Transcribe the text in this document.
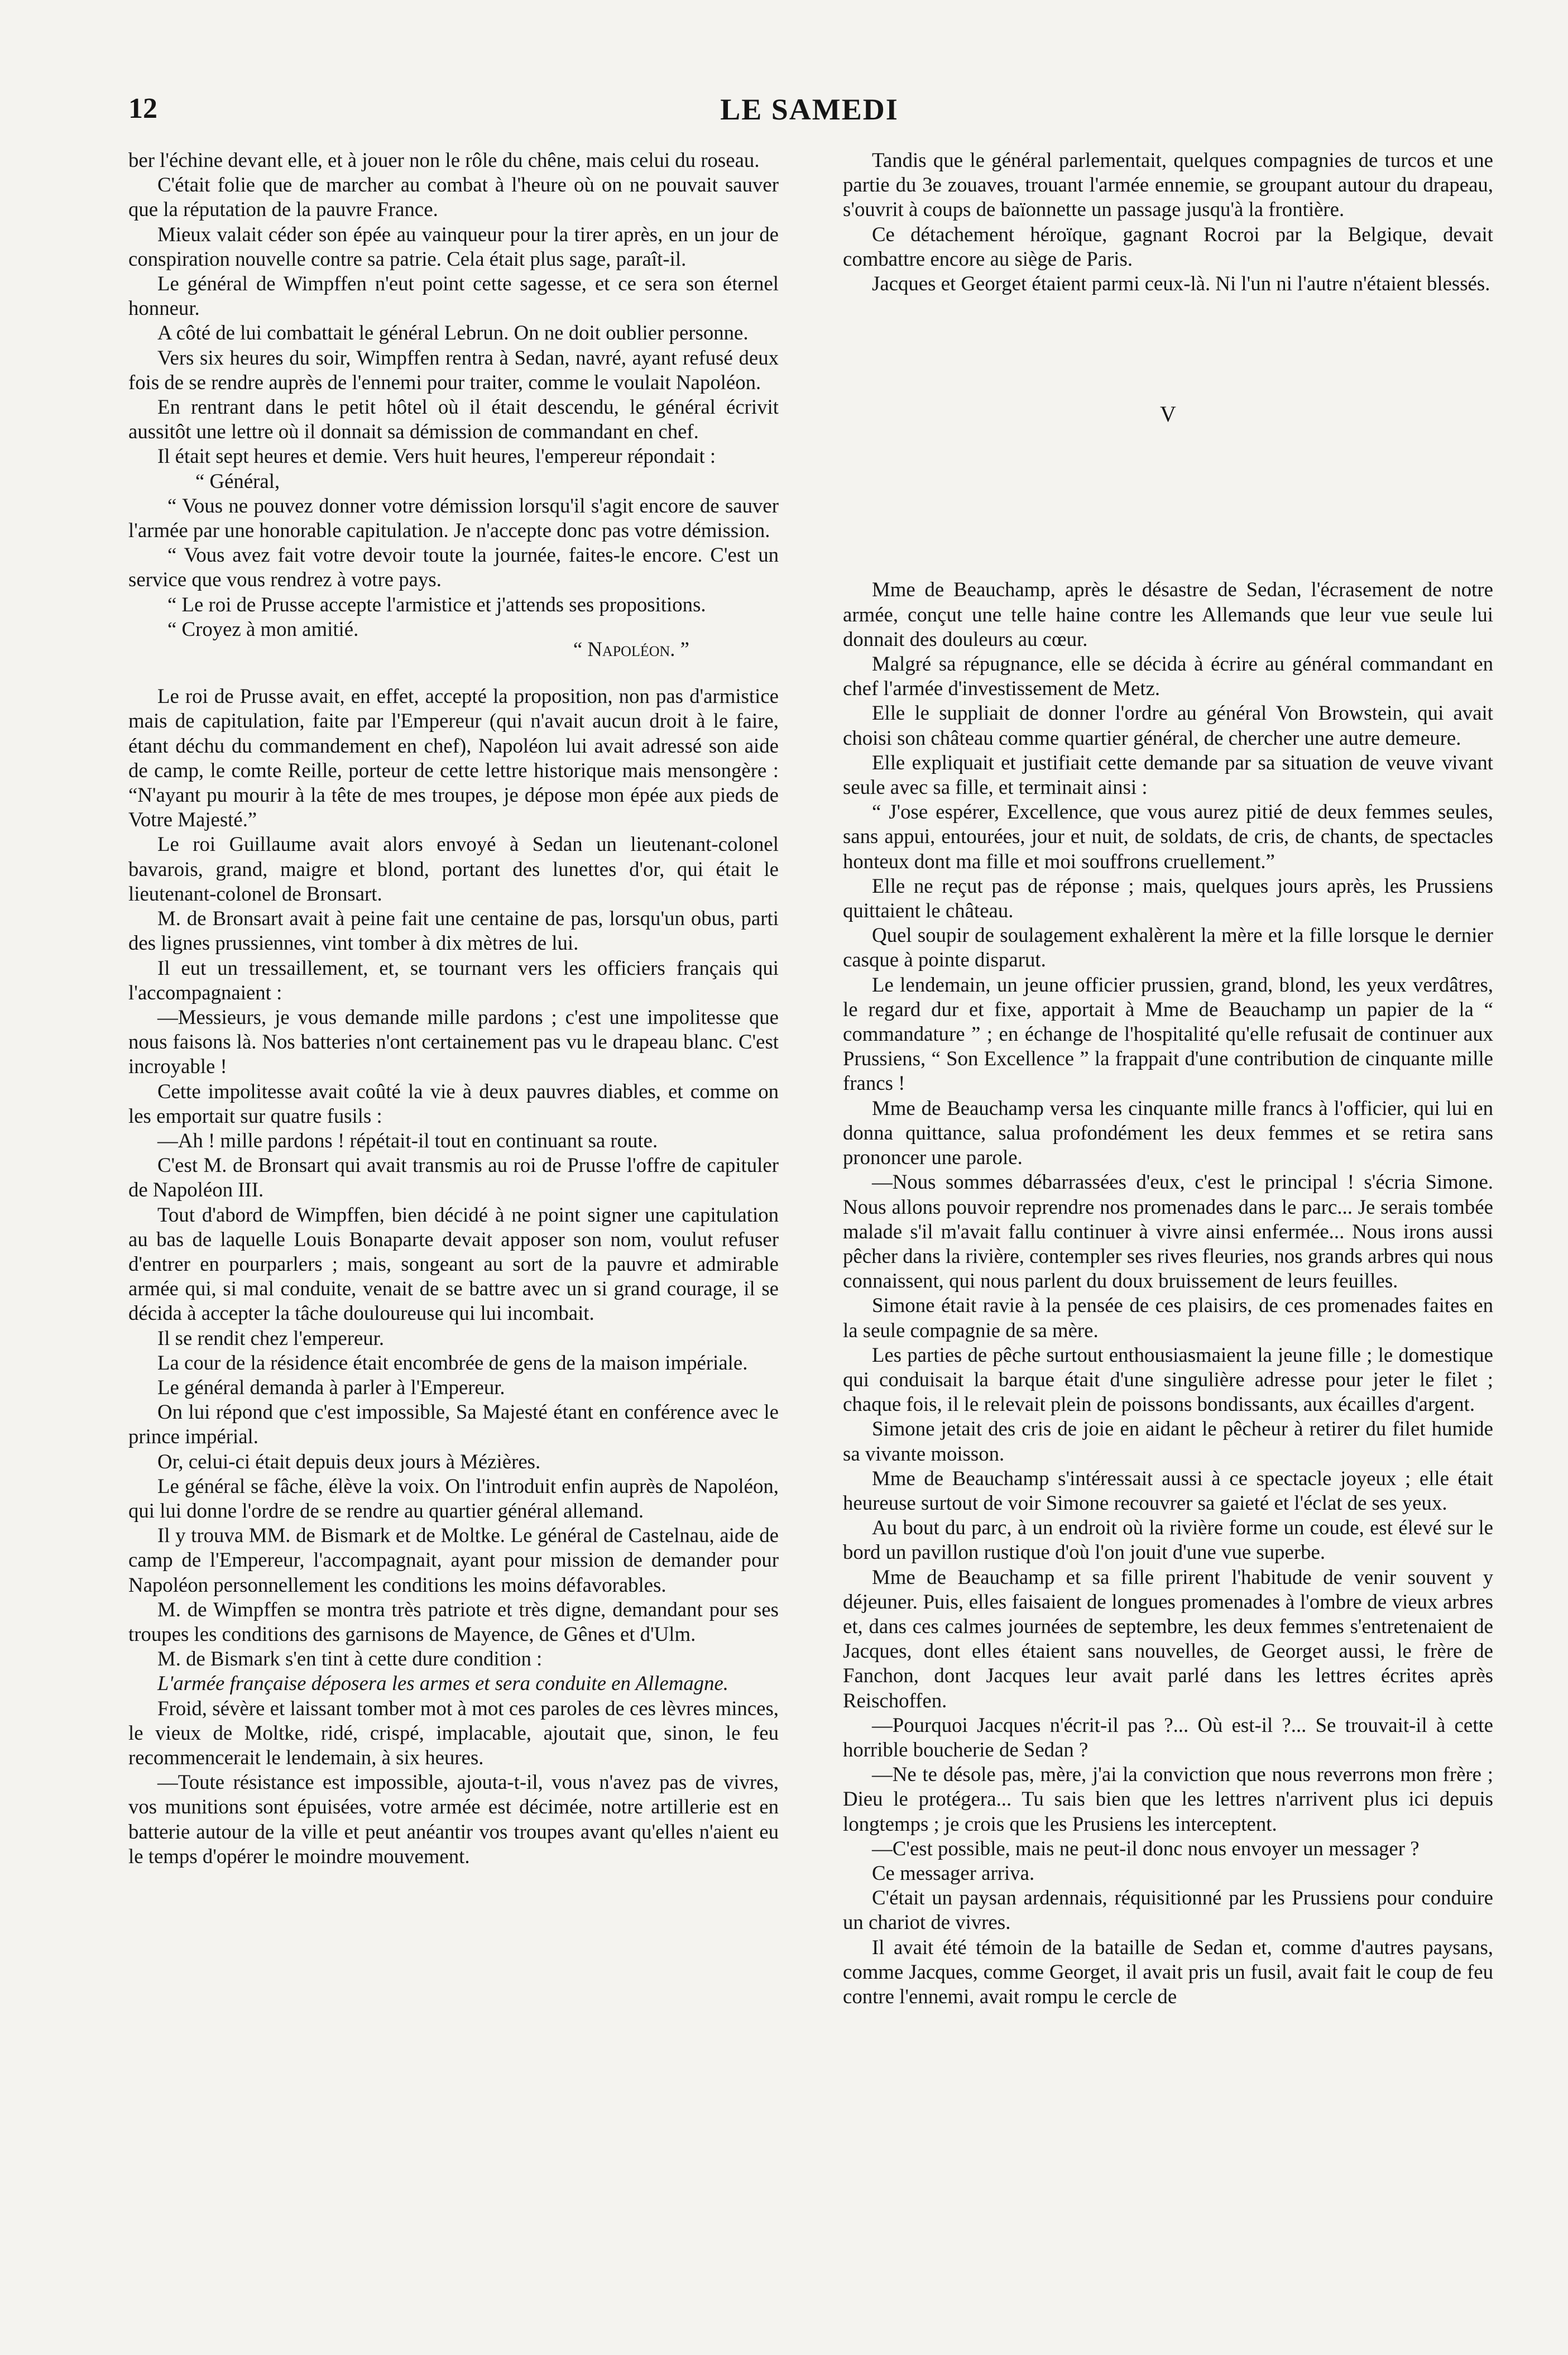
12	LE SAMEDI

ber l'échine devant elle, et à jouer non le rôle du chêne, mais celui du roseau.

C'était folie que de marcher au combat à l'heure où on ne pouvait sauver que la réputation de la pauvre France.

Mieux valait céder son épée au vainqueur pour la tirer après, en un jour de conspiration nouvelle contre sa patrie. Cela était plus sage, paraît-il.

Le général de Wimpffen n'eut point cette sagesse, et ce sera son éternel honneur.

A côté de lui combattait le général Lebrun. On ne doit oublier personne.

Vers six heures du soir, Wimpffen rentra à Sedan, navré, ayant refusé deux fois de se rendre auprès de l'ennemi pour traiter, comme le voulait Napoléon.

En rentrant dans le petit hôtel où il était descendu, le général écrivit aussitôt une lettre où il donnait sa démission de commandant en chef.

Il était sept heures et demie. Vers huit heures, l'empereur répondait :

“ Général,

“ Vous ne pouvez donner votre démission lorsqu'il s'agit encore de sauver l'armée par une honorable capitulation. Je n'accepte donc pas votre démission.

“ Vous avez fait votre devoir toute la journée, faites-le encore. C'est un service que vous rendrez à votre pays.

“ Le roi de Prusse accepte l'armistice et j'attends ses propositions.

“ Croyez à mon amitié.

“ Napoléon. ”

Le roi de Prusse avait, en effet, accepté la proposition, non pas d'armistice mais de capitulation, faite par l'Empereur (qui n'avait aucun droit à le faire, étant déchu du commandement en chef), Napoléon lui avait adressé son aide de camp, le comte Reille, porteur de cette lettre historique mais mensongère : “N'ayant pu mourir à la tête de mes troupes, je dépose mon épée aux pieds de Votre Majesté.”

Le roi Guillaume avait alors envoyé à Sedan un lieutenant-colonel bavarois, grand, maigre et blond, portant des lunettes d'or, qui était le lieutenant-colonel de Bronsart.

M. de Bronsart avait à peine fait une centaine de pas, lorsqu'un obus, parti des lignes prussiennes, vint tomber à dix mètres de lui.

Il eut un tressaillement, et, se tournant vers les officiers français qui l'accompagnaient :

—Messieurs, je vous demande mille pardons ; c'est une impolitesse que nous faisons là. Nos batteries n'ont certainement pas vu le drapeau blanc. C'est incroyable !

Cette impolitesse avait coûté la vie à deux pauvres diables, et comme on les emportait sur quatre fusils :

—Ah ! mille pardons ! répétait-il tout en continuant sa route.

C'est M. de Bronsart qui avait transmis au roi de Prusse l'offre de capituler de Napoléon III.

Tout d'abord de Wimpffen, bien décidé à ne point signer une capitulation au bas de laquelle Louis Bonaparte devait apposer son nom, voulut refuser d'entrer en pourparlers ; mais, songeant au sort de la pauvre et admirable armée qui, si mal conduite, venait de se battre avec un si grand courage, il se décida à accepter la tâche douloureuse qui lui incombait.

Il se rendit chez l'empereur.

La cour de la résidence était encombrée de gens de la maison impériale.

Le général demanda à parler à l'Empereur.

On lui répond que c'est impossible, Sa Majesté étant en conférence avec le prince impérial.

Or, celui-ci était depuis deux jours à Mézières.

Le général se fâche, élève la voix. On l'introduit enfin auprès de Napoléon, qui lui donne l'ordre de se rendre au quartier général allemand.

Il y trouva MM. de Bismark et de Moltke. Le général de Castelnau, aide de camp de l'Empereur, l'accompagnait, ayant pour mission de demander pour Napoléon personnellement les conditions les moins défavorables.

M. de Wimpffen se montra très patriote et très digne, demandant pour ses troupes les conditions des garnisons de Mayence, de Gênes et d'Ulm.

M. de Bismark s'en tint à cette dure condition :

L'armée française déposera les armes et sera conduite en Allemagne.

Froid, sévère et laissant tomber mot à mot ces paroles de ces lèvres minces, le vieux de Moltke, ridé, crispé, implacable, ajoutait que, sinon, le feu recommencerait le lendemain, à six heures.

—Toute résistance est impossible, ajouta-t-il, vous n'avez pas de vivres, vos munitions sont épuisées, votre armée est décimée, notre artillerie est en batterie autour de la ville et peut anéantir vos troupes avant qu'elles n'aient eu le temps d'opérer le moindre mouvement.

Tandis que le général parlementait, quelques compagnies de turcos et une partie du 3e zouaves, trouant l'armée ennemie, se groupant autour du drapeau, s'ouvrit à coups de baïonnette un passage jusqu'à la frontière.

Ce détachement héroïque, gagnant Rocroi par la Belgique, devait combattre encore au siège de Paris.

Jacques et Georget étaient parmi ceux-là. Ni l'un ni l'autre n'étaient blessés.

V

Mme de Beauchamp, après le désastre de Sedan, l'écrasement de notre armée, conçut une telle haine contre les Allemands que leur vue seule lui donnait des douleurs au cœur.

Malgré sa répugnance, elle se décida à écrire au général commandant en chef l'armée d'investissement de Metz.

Elle le suppliait de donner l'ordre au général Von Browstein, qui avait choisi son château comme quartier général, de chercher une autre demeure.

Elle expliquait et justifiait cette demande par sa situation de veuve vivant seule avec sa fille, et terminait ainsi :

“ J'ose espérer, Excellence, que vous aurez pitié de deux femmes seules, sans appui, entourées, jour et nuit, de soldats, de cris, de chants, de spectacles honteux dont ma fille et moi souffrons cruellement.”

Elle ne reçut pas de réponse ; mais, quelques jours après, les Prussiens quittaient le château.

Quel soupir de soulagement exhalèrent la mère et la fille lorsque le dernier casque à pointe disparut.

Le lendemain, un jeune officier prussien, grand, blond, les yeux verdâtres, le regard dur et fixe, apportait à Mme de Beauchamp un papier de la “ commandature ” ; en échange de l'hospitalité qu'elle refusait de continuer aux Prussiens, “ Son Excellence ” la frappait d'une contribution de cinquante mille francs !

Mme de Beauchamp versa les cinquante mille francs à l'officier, qui lui en donna quittance, salua profondément les deux femmes et se retira sans prononcer une parole.

—Nous sommes débarrassées d'eux, c'est le principal ! s'écria Simone. Nous allons pouvoir reprendre nos promenades dans le parc... Je serais tombée malade s'il m'avait fallu continuer à vivre ainsi enfermée... Nous irons aussi pêcher dans la rivière, contempler ses rives fleuries, nos grands arbres qui nous connaissent, qui nous parlent du doux bruissement de leurs feuilles.

Simone était ravie à la pensée de ces plaisirs, de ces promenades faites en la seule compagnie de sa mère.

Les parties de pêche surtout enthousiasmaient la jeune fille ; le domestique qui conduisait la barque était d'une singulière adresse pour jeter le filet ; chaque fois, il le relevait plein de poissons bondissants, aux écailles d'argent.

Simone jetait des cris de joie en aidant le pêcheur à retirer du filet humide sa vivante moisson.

Mme de Beauchamp s'intéressait aussi à ce spectacle joyeux ; elle était heureuse surtout de voir Simone recouvrer sa gaieté et l'éclat de ses yeux.

Au bout du parc, à un endroit où la rivière forme un coude, est élevé sur le bord un pavillon rustique d'où l'on jouit d'une vue superbe.

Mme de Beauchamp et sa fille prirent l'habitude de venir souvent y déjeuner. Puis, elles faisaient de longues promenades à l'ombre de vieux arbres et, dans ces calmes journées de septembre, les deux femmes s'entretenaient de Jacques, dont elles étaient sans nouvelles, de Georget aussi, le frère de Fanchon, dont Jacques leur avait parlé dans les lettres écrites après Reischoffen.

—Pourquoi Jacques n'écrit-il pas ?... Où est-il ?... Se trouvait-il à cette horrible boucherie de Sedan ?

—Ne te désole pas, mère, j'ai la conviction que nous reverrons mon frère ; Dieu le protégera... Tu sais bien que les lettres n'arrivent plus ici depuis longtemps ; je crois que les Prusiens les interceptent.

—C'est possible, mais ne peut-il donc nous envoyer un messager ?

Ce messager arriva.

C'était un paysan ardennais, réquisitionné par les Prussiens pour conduire un chariot de vivres.

Il avait été témoin de la bataille de Sedan et, comme d'autres paysans, comme Jacques, comme Georget, il avait pris un fusil, avait fait le coup de feu contre l'ennemi, avait rompu le cercle de
